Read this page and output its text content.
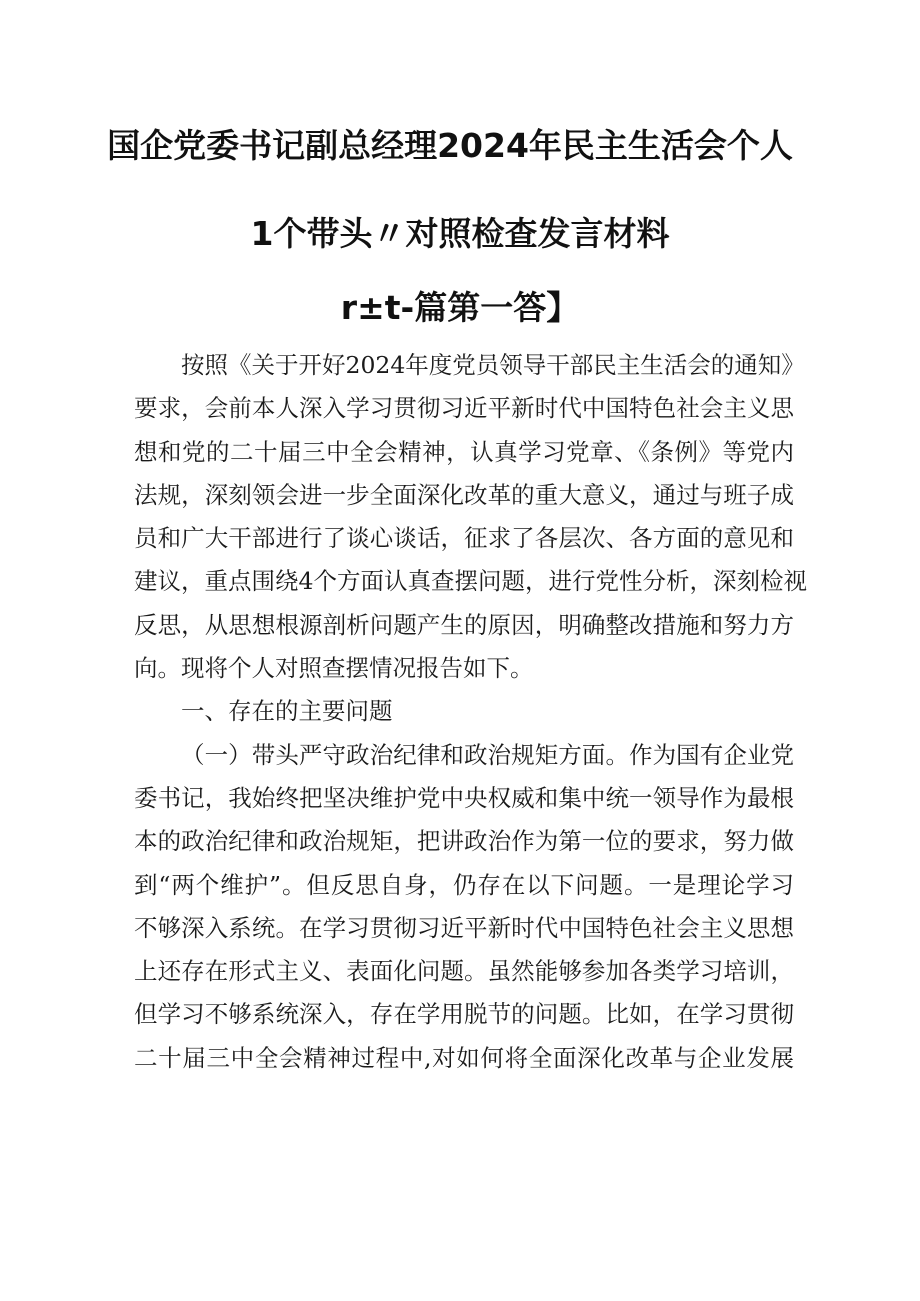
国企党委书记副总经理2024年民主生活会个人
1个带头〃对照检查发言材料
r±t-篇第一答】
按照《关于开好2024年度党员领导干部民主生活会的通知》
要求，会前本人深入学习贯彻习近平新时代中国特色社会主义思
想和党的二十届三中全会精神，认真学习党章、《条例》等党内
法规，深刻领会进一步全面深化改革的重大意义，通过与班子成
员和广大干部进行了谈心谈话，征求了各层次、各方面的意见和
建议，重点围绕4个方面认真查摆问题，进行党性分析，深刻检视
反思，从思想根源剖析问题产生的原因，明确整改措施和努力方
向。现将个人对照查摆情况报告如下。

一、存在的主要问题

（一）带头严守政治纪律和政治规矩方面。作为国有企业党
委书记，我始终把坚决维护党中央权威和集中统一领导作为最根
本的政治纪律和政治规矩，把讲政治作为第一位的要求，努力做
到“两个维护”。但反思自身，仍存在以下问题。一是理论学习
不够深入系统。在学习贯彻习近平新时代中国特色社会主义思想
上还存在形式主义、表面化问题。虽然能够参加各类学习培训，
但学习不够系统深入，存在学用脱节的问题。比如，在学习贯彻
二十届三中全会精神过程中,对如何将全面深化改革与企业发展
